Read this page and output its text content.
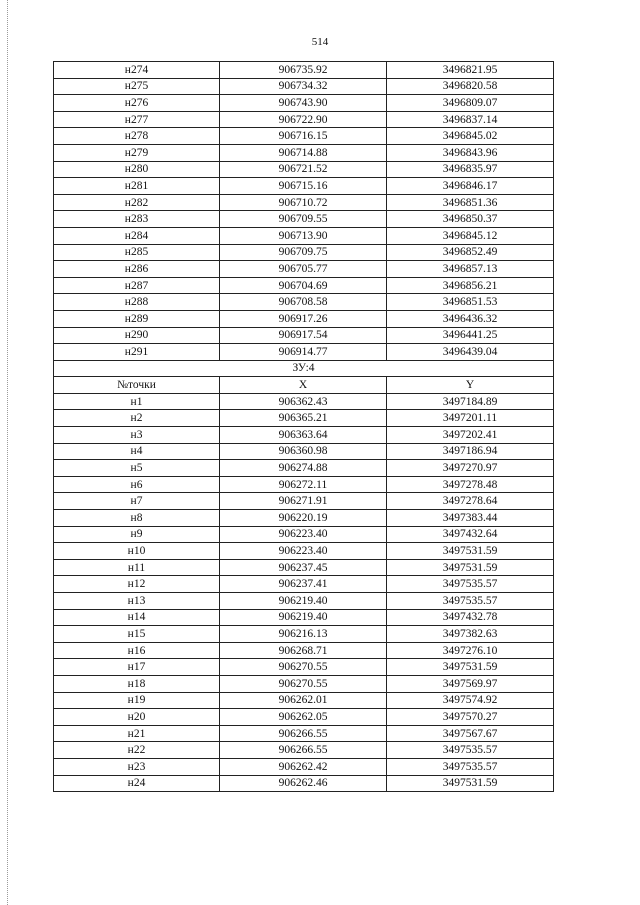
514
н274	906735.92	3496821.95
н275	906734.32	3496820.58
н276	906743.90	3496809.07
н277	906722.90	3496837.14
н278	906716.15	3496845.02
н279	906714.88	3496843.96
н280	906721.52	3496835.97
н281	906715.16	3496846.17
н282	906710.72	3496851.36
н283	906709.55	3496850.37
н284	906713.90	3496845.12
н285	906709.75	3496852.49
н286	906705.77	3496857.13
н287	906704.69	3496856.21
н288	906708.58	3496851.53
н289	906917.26	3496436.32
н290	906917.54	3496441.25
н291	906914.77	3496439.04
ЗУ:4		
№точки	X	Y
н1	906362.43	3497184.89
н2	906365.21	3497201.11
н3	906363.64	3497202.41
н4	906360.98	3497186.94
н5	906274.88	3497270.97
н6	906272.11	3497278.48
н7	906271.91	3497278.64
н8	906220.19	3497383.44
н9	906223.40	3497432.64
н10	906223.40	3497531.59
н11	906237.45	3497531.59
н12	906237.41	3497535.57
н13	906219.40	3497535.57
н14	906219.40	3497432.78
н15	906216.13	3497382.63
н16	906268.71	3497276.10
н17	906270.55	3497531.59
н18	906270.55	3497569.97
н19	906262.01	3497574.92
н20	906262.05	3497570.27
н21	906266.55	3497567.67
н22	906266.55	3497535.57
н23	906262.42	3497535.57
н24	906262.46	3497531.59
